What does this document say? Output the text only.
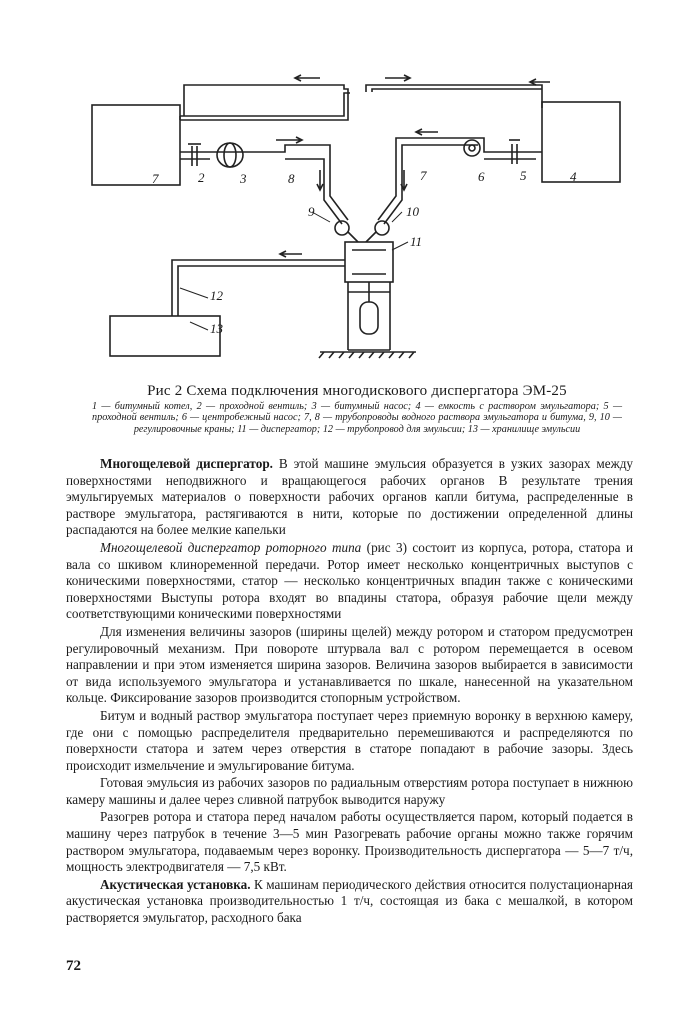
7	2	3	8	6	5	4
7
9	10
11
12
13
Рис 2 Схема подключения многодискового диспергатора ЭМ-25
1 — битумный котел, 2 — проходной вентиль; 3 — битумный насос; 4 — емкость с раствором эмульгатора; 5 — проходной вентиль; 6 — центробежный насос; 7, 8 — трубопроводы водного раствора эмульгатора и битума, 9, 10 — регулировочные краны; 11 — диспергатор; 12 — трубопровод для эмульсии; 13 — хранилище эмульсии

Многощелевой диспергатор. В этой машине эмульсия образуется в узких зазорах между поверхностями неподвижного и вращающегося рабочих органов В результате трения эмульгируемых материалов о поверхности рабочих органов капли битума, распределенные в растворе эмульгатора, растягиваются в нити, которые по достижении определенной длины распадаются на более мелкие капельки

Многощелевой диспергатор роторного типа (рис 3) состоит из корпуса, ротора, статора и вала со шкивом клиноременной передачи. Ротор имеет несколько концентричных выступов с коническими поверхностями, статор — несколько концентричных впадин также с коническими поверхностями Выступы ротора входят во впадины статора, образуя рабочие щели между соответствующими коническими поверхностями

Для изменения величины зазоров (ширины щелей) между ротором и статором предусмотрен регулировочный механизм. При повороте штурвала вал с ротором перемещается в осевом направлении и при этом изменяется ширина зазоров. Величина зазоров выбирается в зависимости от вида используемого эмульгатора и устанавливается по шкале, нанесенной на указательном кольце. Фиксирование зазоров производится стопорным устройством.

Битум и водный раствор эмульгатора поступает через приемную воронку в верхнюю камеру, где они с помощью распределителя предварительно перемешиваются и распределяются по поверхности статора и затем через отверстия в статоре попадают в рабочие зазоры. Здесь происходит измельчение и эмульгирование битума.

Готовая эмульсия из рабочих зазоров по радиальным отверстиям ротора поступает в нижнюю камеру машины и далее через сливной патрубок выводится наружу

Разогрев ротора и статора перед началом работы осуществляется паром, который подается в машину через патрубок в течение 3—5 мин Разогревать рабочие органы можно также горячим раствором эмульгатора, подаваемым через воронку. Производительность диспергатора — 5—7 т/ч, мощность электродвигателя — 7,5 кВт.

Акустическая установка. К машинам периодического действия относится полустационарная акустическая установка производительностью 1 т/ч, состоящая из бака с мешалкой, в котором растворяется эмульгатор, расходного бака

72
